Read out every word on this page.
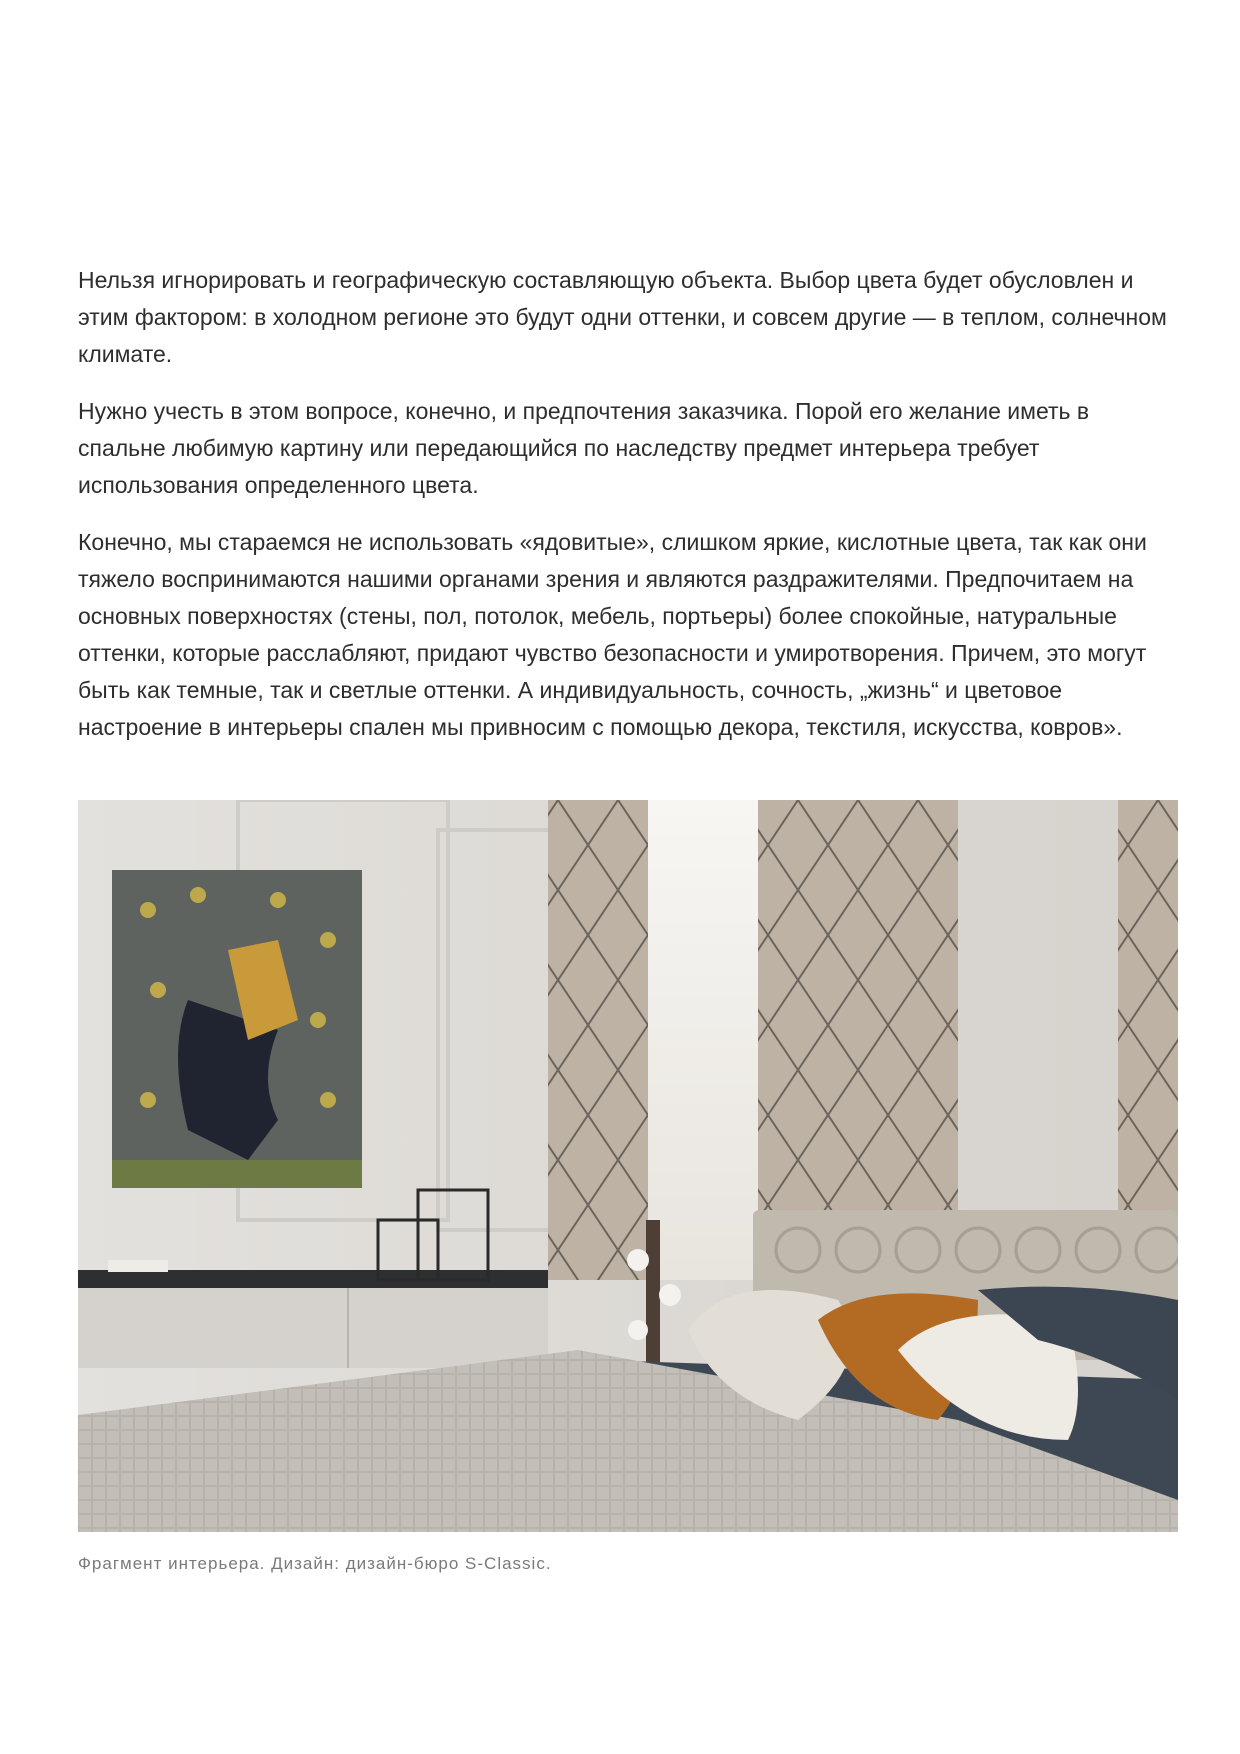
Нельзя игнорировать и географическую составляющую объекта. Выбор цвета будет обусловлен и этим фактором: в холодном регионе это будут одни оттенки, и совсем другие — в теплом, солнечном климате.

Нужно учесть в этом вопросе, конечно, и предпочтения заказчика. Порой его желание иметь в спальне любимую картину или передающийся по наследству предмет интерьера требует использования определенного цвета.

Конечно, мы стараемся не использовать «ядовитые», слишком яркие, кислотные цвета, так как они тяжело воспринимаются нашими органами зрения и являются раздражителями. Предпочитаем на основных поверхностях (стены, пол, потолок, мебель, портьеры) более спокойные, натуральные оттенки, которые расслабляют, придают чувство безопасности и умиротворения. Причем, это могут быть как темные, так и светлые оттенки. А индивидуальность, сочность, „жизнь“ и цветовое настроение в интерьеры спален мы привносим с помощью декора, текстиля, искусства, ковров».

Фрагмент интерьера. Дизайн: дизайн-бюро S-Classic.
